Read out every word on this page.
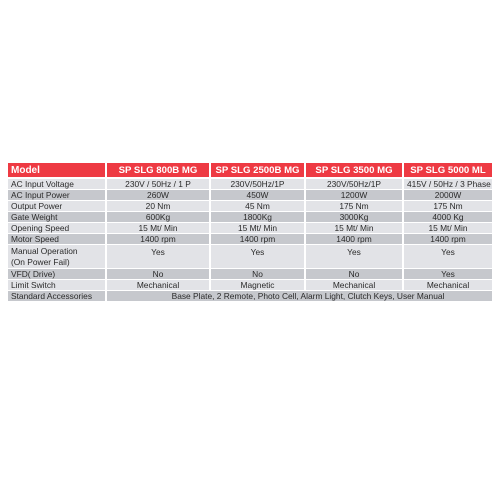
Model	SP SLG 800B MG	SP SLG 2500B MG	SP SLG 3500 MG	SP SLG 5000 ML
AC Input Voltage	230V / 50Hz / 1 P	230V/50Hz/1P	230V/50Hz/1P	415V / 50Hz / 3 Phase
AC Input Power	260W	450W	1200W	2000W
Output Power	20 Nm	45 Nm	175 Nm	175 Nm
Gate Weight	600Kg	1800Kg	3000Kg	4000 Kg
Opening Speed	15 Mt/ Min	15 Mt/ Min	15 Mt/ Min	15 Mt/ Min
Motor Speed	1400 rpm	1400 rpm	1400 rpm	1400 rpm

Manual Operation
(On Power Fail)	Yes	Yes	Yes	Yes
VFD( Drive)	No	No	No	Yes
Limit Switch	Mechanical	Magnetic	Mechanical	Mechanical
Standard Accessories	Base Plate, 2 Remote, Photo Cell, Alarm Light, Clutch Keys, User Manual			
